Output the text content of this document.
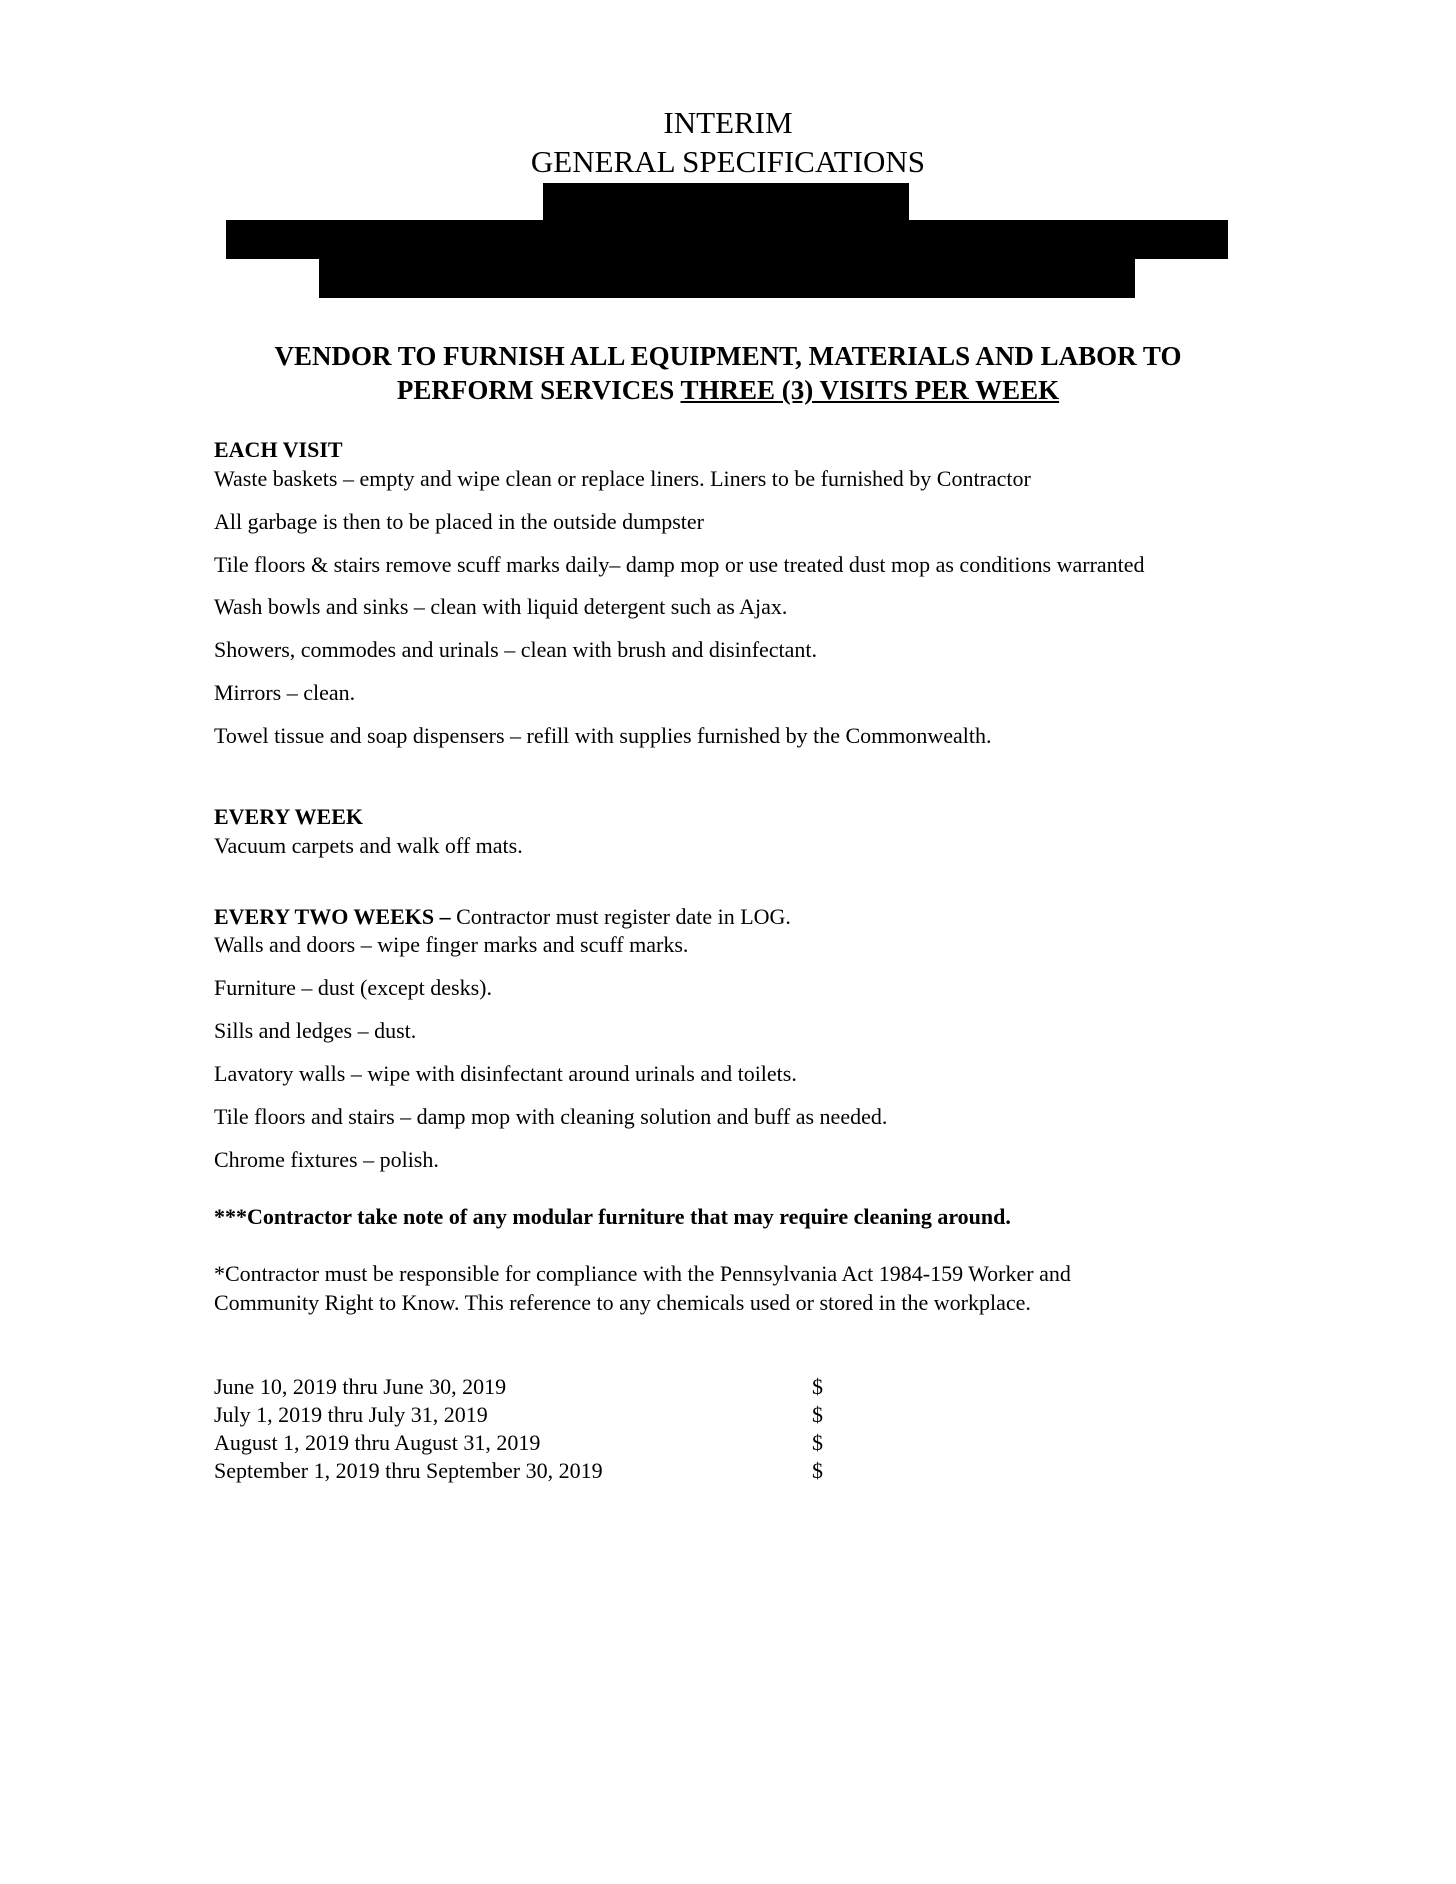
INTERIM
GENERAL SPECIFICATIONS
VENDOR TO FURNISH ALL EQUIPMENT, MATERIALS AND LABOR TO
PERFORM SERVICES THREE (3) VISITS PER WEEK
EACH VISIT
Waste baskets – empty and wipe clean or replace liners. Liners to be furnished by Contractor
All garbage is then to be placed in the outside dumpster
Tile floors & stairs remove scuff marks daily– damp mop or use treated dust mop as conditions warranted
Wash bowls and sinks – clean with liquid detergent such as Ajax.
Showers, commodes and urinals – clean with brush and disinfectant.
Mirrors – clean.
Towel tissue and soap dispensers – refill with supplies furnished by the Commonwealth.
EVERY WEEK
Vacuum carpets and walk off mats.
EVERY TWO WEEKS – Contractor must register date in LOG.
Walls and doors – wipe finger marks and scuff marks.
Furniture – dust (except desks).
Sills and ledges – dust.
Lavatory walls – wipe with disinfectant around urinals and toilets.
Tile floors and stairs – damp mop with cleaning solution and buff as needed.
Chrome fixtures – polish.
***Contractor take note of any modular furniture that may require cleaning around.
*Contractor must be responsible for compliance with the Pennsylvania Act 1984-159 Worker and
Community Right to Know. This reference to any chemicals used or stored in the workplace.
June 10, 2019 thru June 30, 2019	$
July 1, 2019 thru July 31, 2019	$
August 1, 2019 thru August 31, 2019	$
September 1, 2019 thru September 30, 2019	$
